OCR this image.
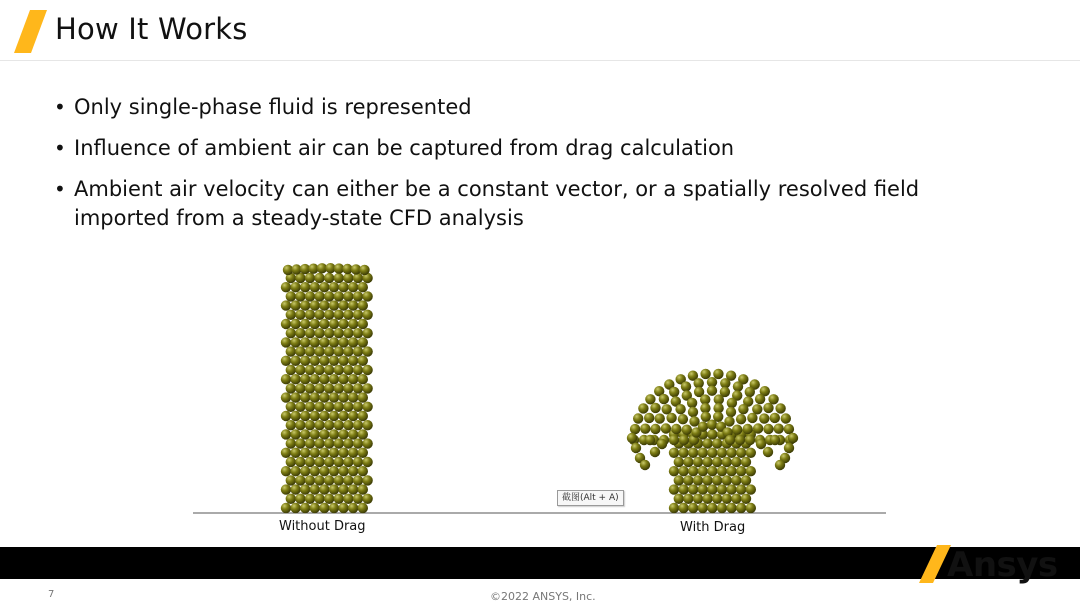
How It Works
• Only single-phase fluid is represented
• Influence of ambient air can be captured from drag calculation
• Ambient air velocity can either be a constant vector, or a spatially resolved field imported from a steady-state CFD analysis
Without Drag	With Drag
截图(Alt + A)
Ansys
7	©2022 ANSYS, Inc.
